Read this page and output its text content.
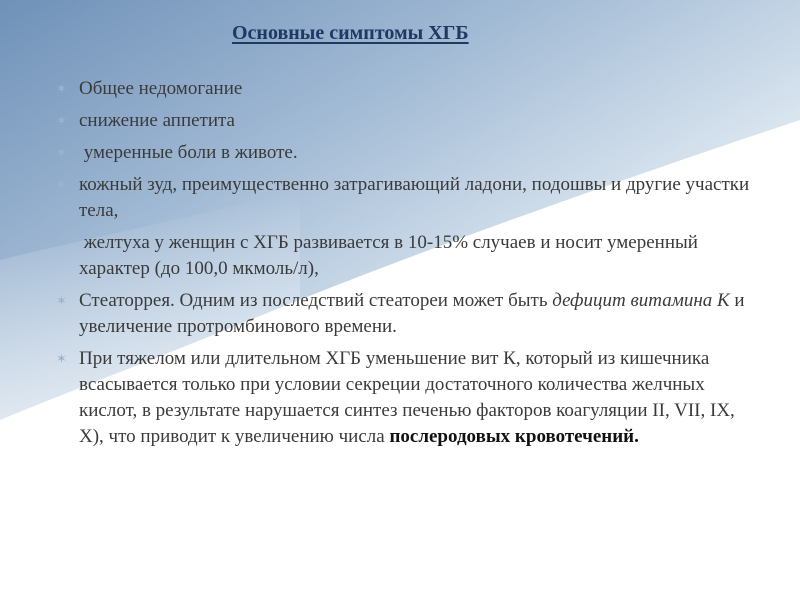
Основные симптомы ХГБ
✶ Общее недомогание
✶ снижение аппетита
✶ умеренные боли в животе.
✶ кожный зуд, преимущественно затрагивающий ладони, подошвы и другие участки тела,
✶ желтуха у женщин с ХГБ развивается в 10-15% случаев и носит умеренный характер (до 100,0 мкмоль/л),
✶ Стеаторрея. Одним из последствий стеатореи может быть дефицит витамина К и увеличение протромбинового времени.
✶ При тяжелом или длительном ХГБ уменьшение вит К, который из кишечника всасывается только при условии секреции достаточного количества желчных кислот, в результате нарушается синтез печенью факторов коагуляции II, VII, IX, X), что приводит к увеличению числа послеродовых кровотечений.
